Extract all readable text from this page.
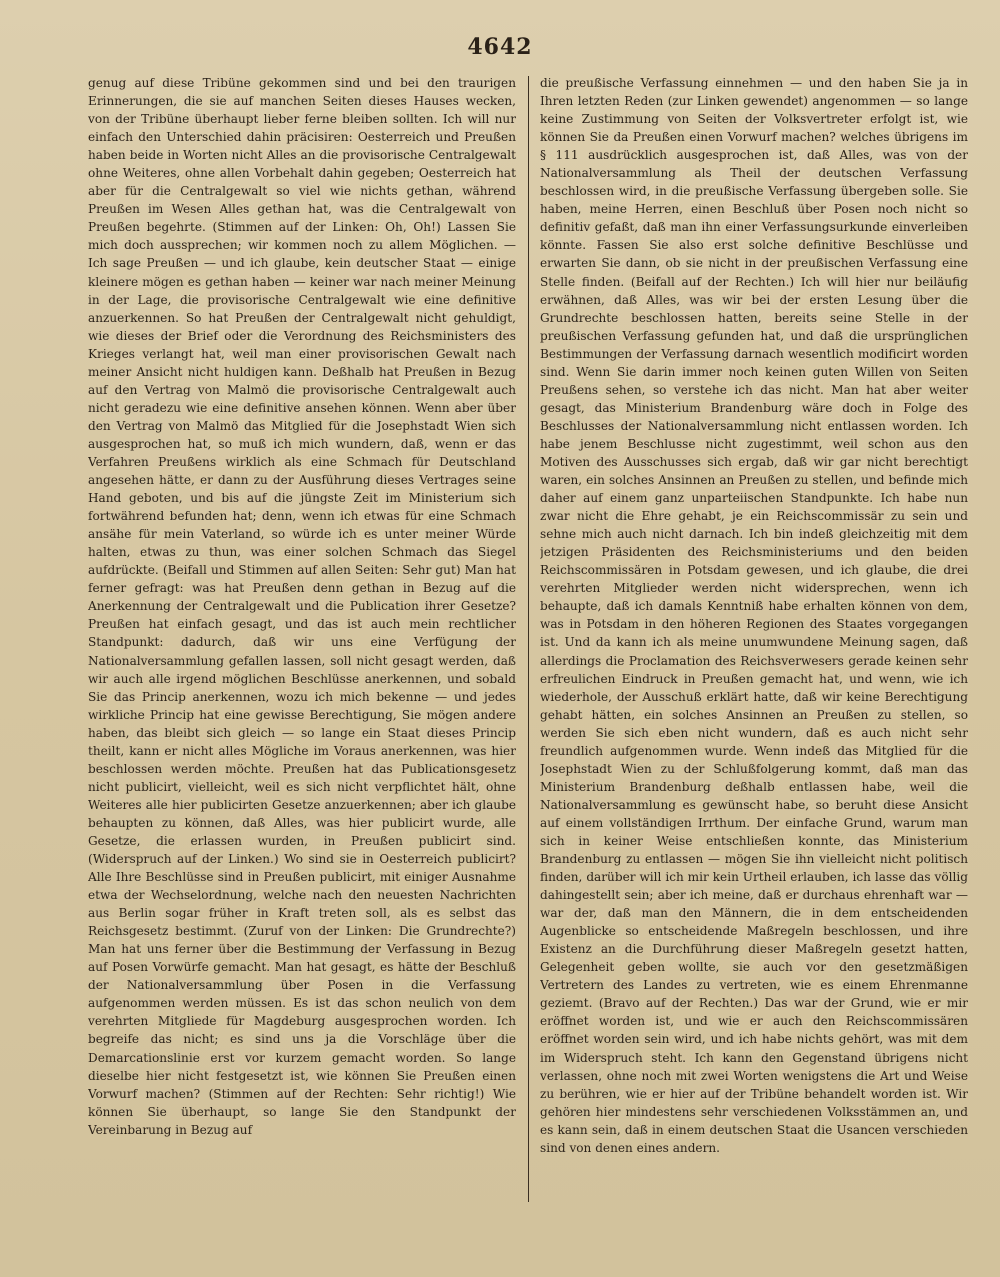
4642

genug auf diese Tribüne gekommen sind und bei den traurigen Erinnerungen, die sie auf manchen Seiten dieses Hauses wecken, von der Tribüne überhaupt lieber ferne bleiben sollten. Ich will nur einfach den Unterschied dahin präcisiren: Oesterreich und Preußen haben beide in Worten nicht Alles an die provisorische Centralgewalt ohne Weiteres, ohne allen Vorbehalt dahin gegeben; Oesterreich hat aber für die Centralgewalt so viel wie nichts gethan, während Preußen im Wesen Alles gethan hat, was die Centralgewalt von Preußen begehrte. (Stimmen auf der Linken: Oh, Oh!) Lassen Sie mich doch aussprechen; wir kommen noch zu allem Möglichen. — Ich sage Preußen — und ich glaube, kein deutscher Staat — einige kleinere mögen es gethan haben — keiner war nach meiner Meinung in der Lage, die provisorische Centralgewalt wie eine definitive anzuerkennen. So hat Preußen der Centralgewalt nicht gehuldigt, wie dieses der Brief oder die Verordnung des Reichsministers des Krieges verlangt hat, weil man einer provisorischen Gewalt nach meiner Ansicht nicht huldigen kann. Deßhalb hat Preußen in Bezug auf den Vertrag von Malmö die provisorische Centralgewalt auch nicht geradezu wie eine definitive ansehen können. Wenn aber über den Vertrag von Malmö das Mitglied für die Josephstadt Wien sich ausgesprochen hat, so muß ich mich wundern, daß, wenn er das Verfahren Preußens wirklich als eine Schmach für Deutschland angesehen hätte, er dann zu der Ausführung dieses Vertrages seine Hand geboten, und bis auf die jüngste Zeit im Ministerium sich fortwährend befunden hat; denn, wenn ich etwas für eine Schmach ansähe für mein Vaterland, so würde ich es unter meiner Würde halten, etwas zu thun, was einer solchen Schmach das Siegel aufdrückte. (Beifall und Stimmen auf allen Seiten: Sehr gut) Man hat ferner gefragt: was hat Preußen denn gethan in Bezug auf die Anerkennung der Centralgewalt und die Publication ihrer Gesetze? Preußen hat einfach gesagt, und das ist auch mein rechtlicher Standpunkt: dadurch, daß wir uns eine Verfügung der Nationalversammlung gefallen lassen, soll nicht gesagt werden, daß wir auch alle irgend möglichen Beschlüsse anerkennen, und sobald Sie das Princip anerkennen, wozu ich mich bekenne — und jedes wirkliche Princip hat eine gewisse Berechtigung, Sie mögen andere haben, das bleibt sich gleich — so lange ein Staat dieses Princip theilt, kann er nicht alles Mögliche im Voraus anerkennen, was hier beschlossen werden möchte. Preußen hat das Publicationsgesetz nicht publicirt, vielleicht, weil es sich nicht verpflichtet hält, ohne Weiteres alle hier publicirten Gesetze anzuerkennen; aber ich glaube behaupten zu können, daß Alles, was hier publicirt wurde, alle Gesetze, die erlassen wurden, in Preußen publicirt sind. (Widerspruch auf der Linken.) Wo sind sie in Oesterreich publicirt? Alle Ihre Beschlüsse sind in Preußen publicirt, mit einiger Ausnahme etwa der Wechselordnung, welche nach den neuesten Nachrichten aus Berlin sogar früher in Kraft treten soll, als es selbst das Reichsgesetz bestimmt. (Zuruf von der Linken: Die Grundrechte?) Man hat uns ferner über die Bestimmung der Verfassung in Bezug auf Posen Vorwürfe gemacht. Man hat gesagt, es hätte der Beschluß der Nationalversammlung über Posen in die Verfassung aufgenommen werden müssen. Es ist das schon neulich von dem verehrten Mitgliede für Magdeburg ausgesprochen worden. Ich begreife das nicht; es sind uns ja die Vorschläge über die Demarcationslinie erst vor kurzem gemacht worden. So lange dieselbe hier nicht festgesetzt ist, wie können Sie Preußen einen Vorwurf machen? (Stimmen auf der Rechten: Sehr richtig!) Wie können Sie überhaupt, so lange Sie den Standpunkt der Vereinbarung in Bezug auf

die preußische Verfassung einnehmen — und den haben Sie ja in Ihren letzten Reden (zur Linken gewendet) angenommen — so lange keine Zustimmung von Seiten der Volksvertreter erfolgt ist, wie können Sie da Preußen einen Vorwurf machen? welches übrigens im § 111 ausdrücklich ausgesprochen ist, daß Alles, was von der Nationalversammlung als Theil der deutschen Verfassung beschlossen wird, in die preußische Verfassung übergeben solle. Sie haben, meine Herren, einen Beschluß über Posen noch nicht so definitiv gefaßt, daß man ihn einer Verfassungsurkunde einverleiben könnte. Fassen Sie also erst solche definitive Beschlüsse und erwarten Sie dann, ob sie nicht in der preußischen Verfassung eine Stelle finden. (Beifall auf der Rechten.) Ich will hier nur beiläufig erwähnen, daß Alles, was wir bei der ersten Lesung über die Grundrechte beschlossen hatten, bereits seine Stelle in der preußischen Verfassung gefunden hat, und daß die ursprünglichen Bestimmungen der Verfassung darnach wesentlich modificirt worden sind. Wenn Sie darin immer noch keinen guten Willen von Seiten Preußens sehen, so verstehe ich das nicht. Man hat aber weiter gesagt, das Ministerium Brandenburg wäre doch in Folge des Beschlusses der Nationalversammlung nicht entlassen worden. Ich habe jenem Beschlusse nicht zugestimmt, weil schon aus den Motiven des Ausschusses sich ergab, daß wir gar nicht berechtigt waren, ein solches Ansinnen an Preußen zu stellen, und befinde mich daher auf einem ganz unparteiischen Standpunkte. Ich habe nun zwar nicht die Ehre gehabt, je ein Reichscommissär zu sein und sehne mich auch nicht darnach. Ich bin indeß gleichzeitig mit dem jetzigen Präsidenten des Reichsministeriums und den beiden Reichscommissären in Potsdam gewesen, und ich glaube, die drei verehrten Mitglieder werden nicht widersprechen, wenn ich behaupte, daß ich damals Kenntniß habe erhalten können von dem, was in Potsdam in den höheren Regionen des Staates vorgegangen ist. Und da kann ich als meine unumwundene Meinung sagen, daß allerdings die Proclamation des Reichsverwesers gerade keinen sehr erfreulichen Eindruck in Preußen gemacht hat, und wenn, wie ich wiederhole, der Ausschuß erklärt hatte, daß wir keine Berechtigung gehabt hätten, ein solches Ansinnen an Preußen zu stellen, so werden Sie sich eben nicht wundern, daß es auch nicht sehr freundlich aufgenommen wurde. Wenn indeß das Mitglied für die Josephstadt Wien zu der Schlußfolgerung kommt, daß man das Ministerium Brandenburg deßhalb entlassen habe, weil die Nationalversammlung es gewünscht habe, so beruht diese Ansicht auf einem vollständigen Irrthum. Der einfache Grund, warum man sich in keiner Weise entschließen konnte, das Ministerium Brandenburg zu entlassen — mögen Sie ihn vielleicht nicht politisch finden, darüber will ich mir kein Urtheil erlauben, ich lasse das völlig dahingestellt sein; aber ich meine, daß er durchaus ehrenhaft war — war der, daß man den Männern, die in dem entscheidenden Augenblicke so entscheidende Maßregeln beschlossen, und ihre Existenz an die Durchführung dieser Maßregeln gesetzt hatten, Gelegenheit geben wollte, sie auch vor den gesetzmäßigen Vertretern des Landes zu vertreten, wie es einem Ehrenmanne geziemt. (Bravo auf der Rechten.) Das war der Grund, wie er mir eröffnet worden ist, und wie er auch den Reichscommissären eröffnet worden sein wird, und ich habe nichts gehört, was mit dem im Widerspruch steht. Ich kann den Gegenstand übrigens nicht verlassen, ohne noch mit zwei Worten wenigstens die Art und Weise zu berühren, wie er hier auf der Tribüne behandelt worden ist. Wir gehören hier mindestens sehr verschiedenen Volksstämmen an, und es kann sein, daß in einem deutschen Staat die Usancen verschieden sind von denen eines andern.
